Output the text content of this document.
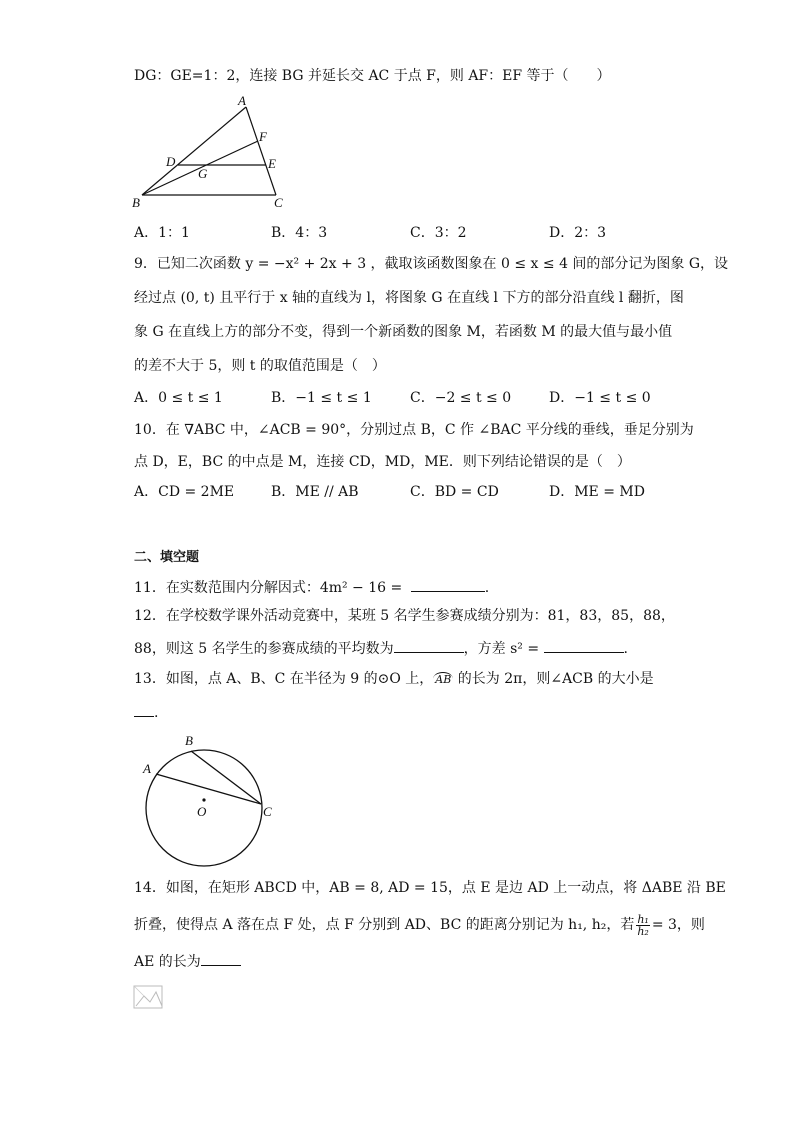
DG：GE=1：2，连接 BG 并延长交 AC 于点 F，则 AF：EF 等于（　　）
A
F
D	E
G
B	C
A．1：1	B．4：3	C．3：2	D．2：3
9．已知二次函数 y = −x² + 2x + 3 ，截取该函数图象在 0 ≤ x ≤ 4 间的部分记为图象 G，设
经过点 (0, t) 且平行于 x 轴的直线为 l，将图象 G 在直线 l 下方的部分沿直线 l 翻折，图
象 G 在直线上方的部分不变，得到一个新函数的图象 M，若函数 M 的最大值与最小值
的差不大于 5，则 t 的取值范围是（　）
A．0 ≤ t ≤ 1	B．−1 ≤ t ≤ 1	C．−2 ≤ t ≤ 0	D．−1 ≤ t ≤ 0
10．在 ∇ABC 中，∠ACB = 90°，分别过点 B，C 作 ∠BAC 平分线的垂线，垂足分别为
点 D，E，BC 的中点是 M，连接 CD，MD，ME．则下列结论错误的是（　）
A．CD = 2ME	B．ME // AB	C．BD = CD	D．ME = MD
二、填空题
11．在实数范围内分解因式：4m² − 16 =	.
12．在学校数学课外活动竞赛中，某班 5 名学生参赛成绩分别为：81，83，85，88，
88，则这 5 名学生的参赛成绩的平均数为	，方差 s² =	.
13．如图，点 A、B、C 在半径为 9 的⊙O 上， AB 的长为 2π，则∠ACB 的大小是
.
B
A
O	C
14．如图，在矩形 ABCD 中，AB = 8, AD = 15，点 E 是边 AD 上一动点，将 ΔABE 沿 BE
折叠，使得点 A 落在点 F 处，点 F 分别到 AD、BC 的距离分别记为 h₁, h₂，若 $\frac{\text{h₁}}{\text{h₂}} = 3$，则
AE 的长为
